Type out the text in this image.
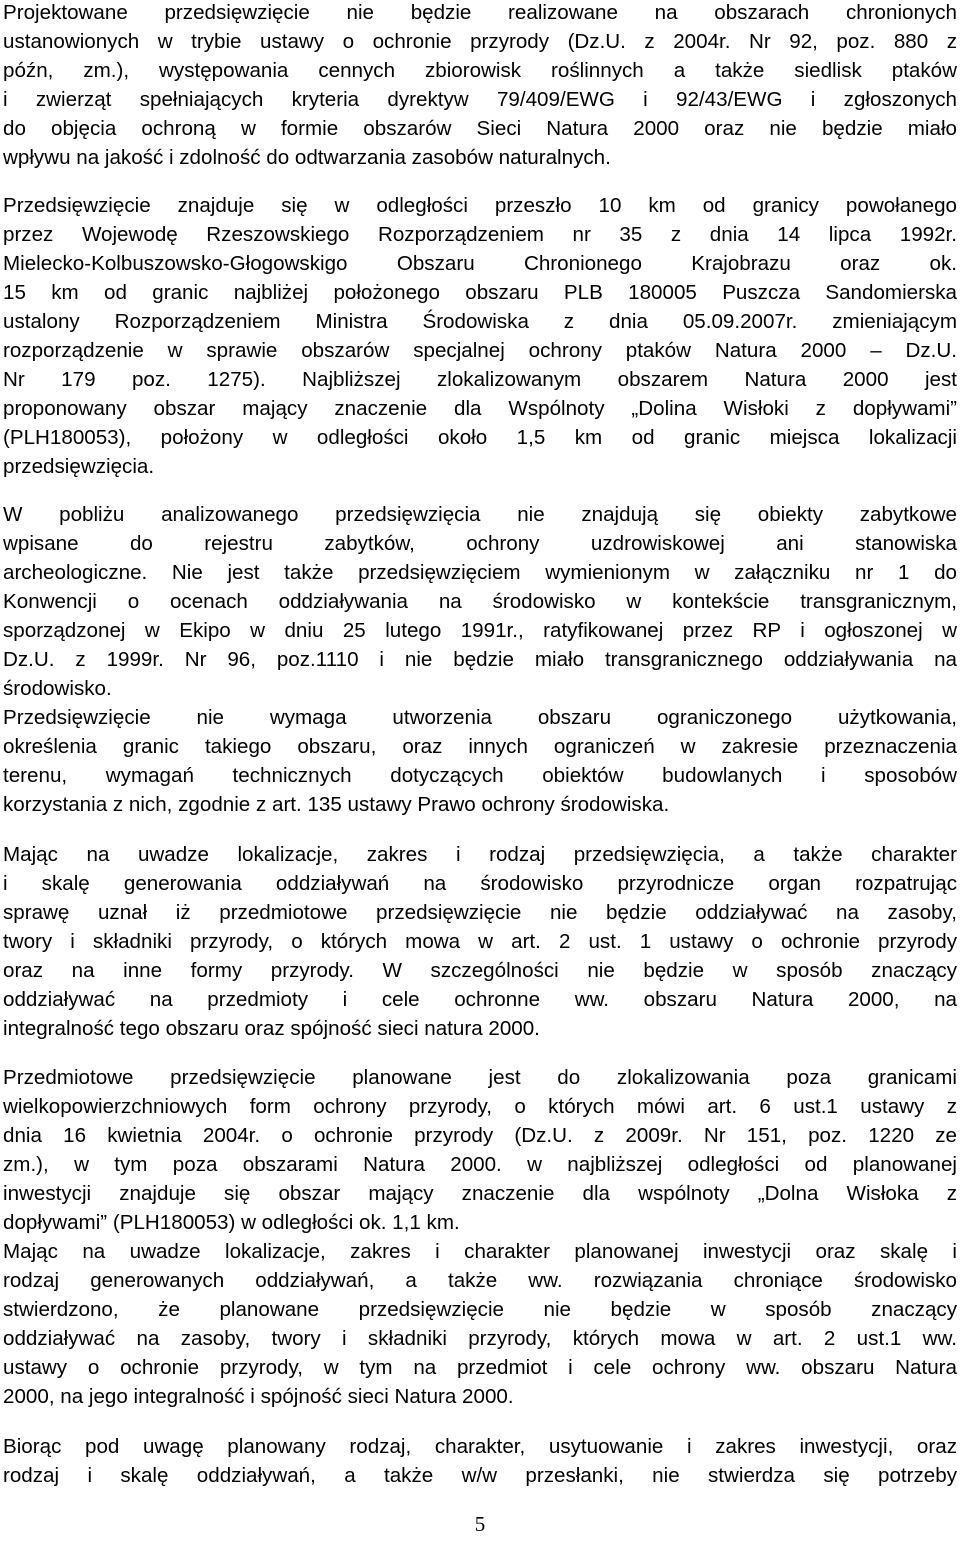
Projektowane przedsięwzięcie nie będzie realizowane na obszarach chronionych
ustanowionych w trybie ustawy o ochronie przyrody (Dz.U. z 2004r. Nr 92, poz. 880 z
późn, zm.), występowania cennych zbiorowisk roślinnych a także siedlisk ptaków
i zwierząt spełniających kryteria dyrektyw 79/409/EWG i 92/43/EWG i zgłoszonych
do objęcia ochroną w formie obszarów Sieci Natura 2000 oraz nie będzie miało
wpływu na jakość i zdolność do odtwarzania zasobów naturalnych.
Przedsięwzięcie znajduje się w odległości przeszło 10 km od granicy powołanego
przez Wojewodę Rzeszowskiego Rozporządzeniem nr 35 z dnia 14 lipca 1992r.
Mielecko-Kolbuszowsko-Głogowskigo Obszaru Chronionego Krajobrazu oraz ok.
15 km od granic najbliżej położonego obszaru PLB 180005 Puszcza Sandomierska
ustalony Rozporządzeniem Ministra Środowiska z dnia 05.09.2007r. zmieniającym
rozporządzenie w sprawie obszarów specjalnej ochrony ptaków Natura 2000 – Dz.U.
Nr 179 poz. 1275). Najbliższej zlokalizowanym obszarem Natura 2000 jest
proponowany obszar mający znaczenie dla Wspólnoty „Dolina Wisłoki z dopływami”
(PLH180053), położony w odległości około 1,5 km od granic miejsca lokalizacji
przedsięwzięcia.
W pobliżu analizowanego przedsięwzięcia nie znajdują się obiekty zabytkowe
wpisane do rejestru zabytków, ochrony uzdrowiskowej ani stanowiska
archeologiczne. Nie jest także przedsięwzięciem wymienionym w załączniku nr 1 do
Konwencji o ocenach oddziaływania na środowisko w kontekście transgranicznym,
sporządzonej w Ekipo w dniu 25 lutego 1991r., ratyfikowanej przez RP i ogłoszonej w
Dz.U. z 1999r. Nr 96, poz.1110 i nie będzie miało transgranicznego oddziaływania na
środowisko.
Przedsięwzięcie nie wymaga utworzenia obszaru ograniczonego użytkowania,
określenia granic takiego obszaru, oraz innych ograniczeń w zakresie przeznaczenia
terenu, wymagań technicznych dotyczących obiektów budowlanych i sposobów
korzystania z nich, zgodnie z art. 135 ustawy Prawo ochrony środowiska.
Mając na uwadze lokalizacje, zakres i rodzaj przedsięwzięcia, a także charakter
i skalę generowania oddziaływań na środowisko przyrodnicze organ rozpatrując
sprawę uznał iż przedmiotowe przedsięwzięcie nie będzie oddziaływać na zasoby,
twory i składniki przyrody, o których mowa w art. 2 ust. 1 ustawy o ochronie przyrody
oraz na inne formy przyrody. W szczególności nie będzie w sposób znaczący
oddziaływać na przedmioty i cele ochronne ww. obszaru Natura 2000, na
integralność tego obszaru oraz spójność sieci natura 2000.
Przedmiotowe przedsięwzięcie planowane jest do zlokalizowania poza granicami
wielkopowierzchniowych form ochrony przyrody, o których mówi art. 6 ust.1 ustawy z
dnia 16 kwietnia 2004r. o ochronie przyrody (Dz.U. z 2009r. Nr 151, poz. 1220 ze
zm.), w tym poza obszarami Natura 2000. w najbliższej odległości od planowanej
inwestycji znajduje się obszar mający znaczenie dla wspólnoty „Dolna Wisłoka z
dopływami” (PLH180053) w odległości ok. 1,1 km.
Mając na uwadze lokalizacje, zakres i charakter planowanej inwestycji oraz skalę i
rodzaj generowanych oddziaływań, a także ww. rozwiązania chroniące środowisko
stwierdzono, że planowane przedsięwzięcie nie będzie w sposób znaczący
oddziaływać na zasoby, twory i składniki przyrody, których mowa w art. 2 ust.1 ww.
ustawy o ochronie przyrody, w tym na przedmiot i cele ochrony ww. obszaru Natura
2000, na jego integralność i spójność sieci Natura 2000.
Biorąc pod uwagę planowany rodzaj, charakter, usytuowanie i zakres inwestycji, oraz
rodzaj i skalę oddziaływań, a także w/w przesłanki, nie stwierdza się potrzeby
5
